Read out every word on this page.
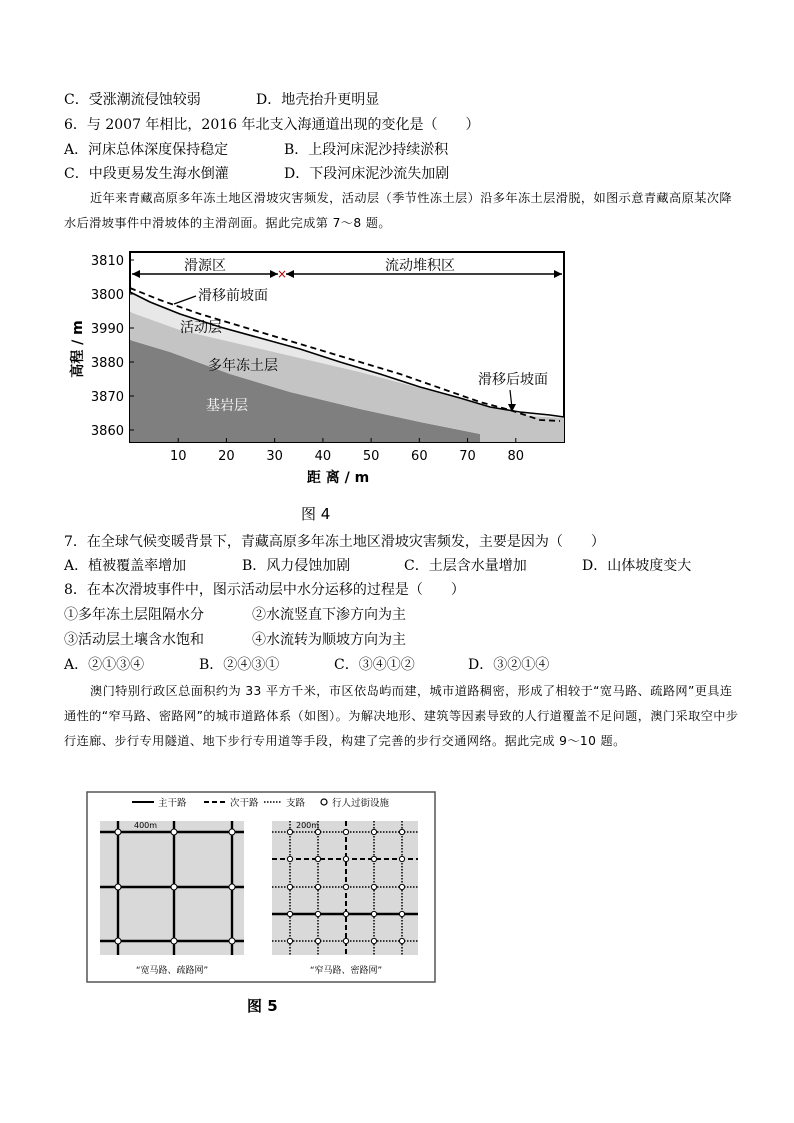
C．受涨潮流侵蚀较弱	D．地壳抬升更明显
6．与 2007 年相比，2016 年北支入海通道出现的变化是（　　）
A．河床总体深度保持稳定	B．上段河床泥沙持续淤积
C．中段更易发生海水倒灌	D．下段河床泥沙流失加剧
近年来青藏高原多年冻土地区滑坡灾害频发，活动层（季节性冻土层）沿多年冻土层滑脱，如图示意青藏高原某次降水后滑坡事件中滑坡体的主滑剖面。据此完成第 7～8 题。
高程 / m
×
滑源区	流动堆积区
滑移前坡面
活动层
多年冻土层
基岩层
滑移后坡面
3810
3800
3990
3880
3870
3860
10 20 30 40 50 60 70 80
距 离 / m
图 4
7．在全球气候变暖背景下，青藏高原多年冻土地区滑坡灾害频发，主要是因为（　　）
A．植被覆盖率增加	B．风力侵蚀加剧	C．土层含水量增加	D．山体坡度变大
8．在本次滑坡事件中，图示活动层中水分运移的过程是（　　）
①多年冻土层阻隔水分	②水流竖直下渗方向为主
③活动层土壤含水饱和	④水流转为顺坡方向为主
A．②①③④	B．②④③①	C．③④①②	D．③②①④
澳门特别行政区总面积约为 33 平方千米，市区依岛屿而建，城市道路稠密，形成了相较于“宽马路、疏路网”更具连通性的“窄马路、密路网”的城市道路体系（如图）。为解决地形、建筑等因素导致的人行道覆盖不足问题，澳门采取空中步行连廊、步行专用隧道、地下步行专用道等手段，构建了完善的步行交通网络。据此完成 9～10 题。
主干路	次干路	支路	行人过街设施
400m	200m
“宽马路、疏路网”	“窄马路、密路网”
图 5
